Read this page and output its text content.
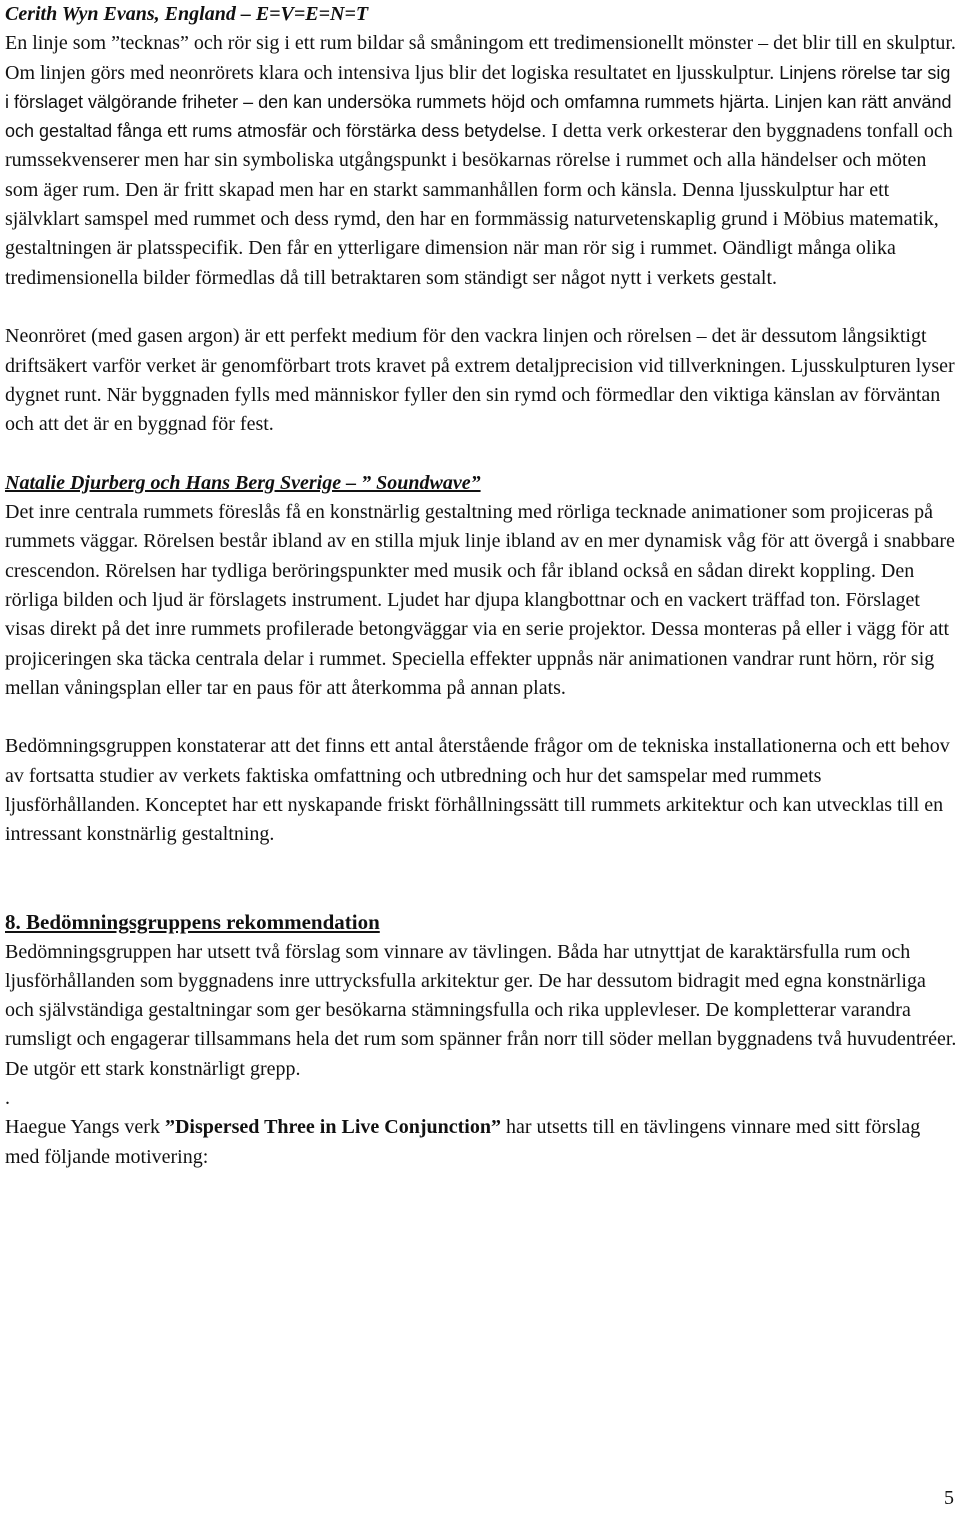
Cerith Wyn Evans, England – E=V=E=N=T

En linje som ”tecknas” och rör sig i ett rum bildar så småningom ett tredimensionellt mönster – det blir till en skulptur. Om linjen görs med neonrörets klara och intensiva ljus blir det logiska resultatet en ljusskulptur. Linjens rörelse tar sig i förslaget välgörande friheter – den kan undersöka rummets höjd och omfamna rummets hjärta. Linjen kan rätt använd och gestaltad fånga ett rums atmosfär och förstärka dess betydelse. I detta verk orkesterar den byggnadens tonfall och rumssekvenserer men har sin symboliska utgångspunkt i besökarnas rörelse i rummet och alla händelser och möten som äger rum. Den är fritt skapad men har en starkt sammanhållen form och känsla. Denna ljusskulptur har ett självklart samspel med rummet och dess rymd, den har en formmässig naturvetenskaplig grund i Möbius matematik, gestaltningen är platsspecifik. Den får en ytterligare dimension när man rör sig i rummet. Oändligt många olika tredimensionella bilder förmedlas då till betraktaren som ständigt ser något nytt i verkets gestalt.

Neonröret (med gasen argon) är ett perfekt medium för den vackra linjen och rörelsen – det är dessutom långsiktigt driftsäkert varför verket är genomförbart trots kravet på extrem detaljprecision vid tillverkningen. Ljusskulpturen lyser dygnet runt. När byggnaden fylls med människor fyller den sin rymd och förmedlar den viktiga känslan av förväntan och att det är en byggnad för fest.

Natalie Djurberg och Hans Berg Sverige – ” Soundwave”

Det inre centrala rummets föreslås få en konstnärlig gestaltning med rörliga tecknade animationer som projiceras på rummets väggar. Rörelsen består ibland av en stilla mjuk linje ibland av en mer dynamisk våg för att övergå i snabbare crescendon. Rörelsen har tydliga beröringspunkter med musik och får ibland också en sådan direkt koppling. Den rörliga bilden och ljud är förslagets instrument. Ljudet har djupa klangbottnar och en vackert träffad ton. Förslaget visas direkt på det inre rummets profilerade betongväggar via en serie projektor. Dessa monteras på eller i vägg för att projiceringen ska täcka centrala delar i rummet. Speciella effekter uppnås när animationen vandrar runt hörn, rör sig mellan våningsplan eller tar en paus för att återkomma på annan plats.

Bedömningsgruppen konstaterar att det finns ett antal återstående frågor om de tekniska installationerna och ett behov av fortsatta studier av verkets faktiska omfattning och utbredning och hur det samspelar med rummets ljusförhållanden. Konceptet har ett nyskapande friskt förhållningssätt till rummets arkitektur och kan utvecklas till en intressant konstnärlig gestaltning.

8. Bedömningsgruppens rekommendation

Bedömningsgruppen har utsett två förslag som vinnare av tävlingen. Båda har utnyttjat de karaktärsfulla rum och ljusförhållanden som byggnadens inre uttrycksfulla arkitektur ger. De har dessutom bidragit med egna konstnärliga och självständiga gestaltningar som ger besökarna stämningsfulla och rika upplevleser. De kompletterar varandra rumsligt och engagerar tillsammans hela det rum som spänner från norr till söder mellan byggnadens två huvudentréer. De utgör ett stark konstnärligt grepp.

.

Haegue Yangs verk ”Dispersed Three in Live Conjunction” har utsetts till en tävlingens vinnare med sitt förslag med följande motivering:

5
